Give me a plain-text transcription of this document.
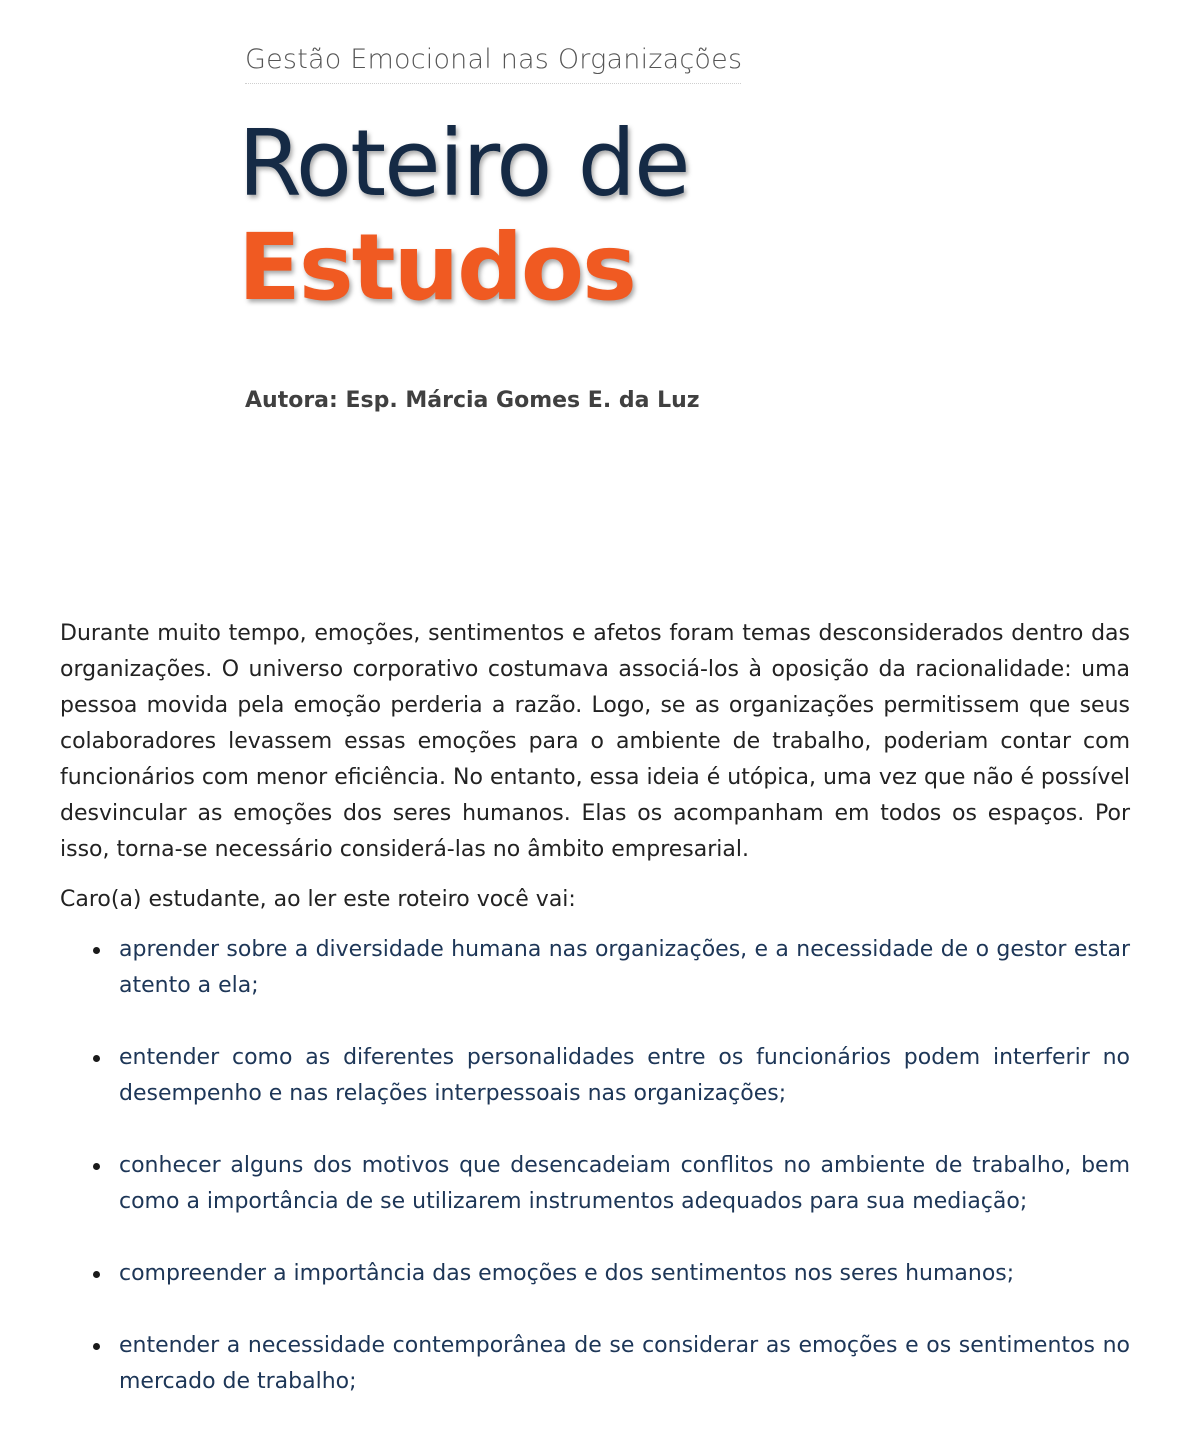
Gestão Emocional nas Organizações
Roteiro de
Estudos
Autora: Esp. Márcia Gomes E. da Luz

Durante muito tempo, emoções, sentimentos e afetos foram temas desconsiderados dentro das organizações. O universo corporativo costumava associá-los à oposição da racionalidade: uma pessoa movida pela emoção perderia a razão. Logo, se as organizações permitissem que seus colaboradores levassem essas emoções para o ambiente de trabalho, poderiam contar com funcionários com menor eficiência. No entanto, essa ideia é utópica, uma vez que não é possível desvincular as emoções dos seres humanos. Elas os acompanham em todos os espaços. Por isso, torna-se necessário considerá-las no âmbito empresarial.

Caro(a) estudante, ao ler este roteiro você vai:

aprender sobre a diversidade humana nas organizações, e a necessidade de o gestor estar atento a ela;
entender como as diferentes personalidades entre os funcionários podem interferir no desempenho e nas relações interpessoais nas organizações;
conhecer alguns dos motivos que desencadeiam conflitos no ambiente de trabalho, bem como a importância de se utilizarem instrumentos adequados para sua mediação;
compreender a importância das emoções e dos sentimentos nos seres humanos;
entender a necessidade contemporânea de se considerar as emoções e os sentimentos no mercado de trabalho;
